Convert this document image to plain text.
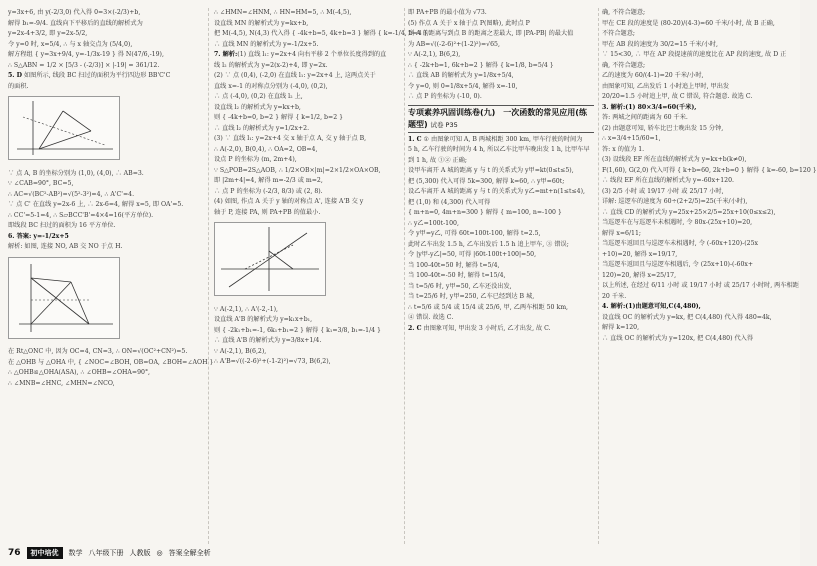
y=3x+6, 由 y(-2/3,0) 代入得 0=3×(-2/3)+b,
解得 b₁=-9/4. 直线向下平移后的直线的解析式为
y=2x-4+3/2, 即 y=2x-5/2,
令 y=0 时, x=5/4, ∴ 与 x 轴交点为 (5/4,0),
解方程组 { y=3x+9/4, y=-1/3x-19 } 得 N(47/6,-19),
∴ S△ABN = 1/2 × [5/3 - (-2/3)] × |-19| = 361/12.
5. D 如图所示, 线段 BC 扫过的面积为平行四边形 BB'C'C
的面积.
∵ 点 A, B 的坐标分别为 (1,0), (4,0), ∴ AB=3.
∵ ∠CAB=90°, BC=5,
∴ AC=√(BC²-AB²)=√(5²-3²)=4, ∴ A'C'=4.
∵ 点 C' 在直线 y=2x-6 上, ∴ 2x-6=4, 解得 x=5, 即 OA'=5.
∴ CC'=5-1=4, ∴ S▱BCC'B'=4×4=16(平方单位).
即线段 BC 扫过的面积为 16 平方单位.
6. 答案: y=-1/2x+5
解析: 如图, 连接 NO, AB 交 NO 于点 H.
在 Rt△ONC 中, 因为 OC=4, CN=3, ∴ ON=√(OC²+CN²)=5.
在 △OHB 与 △OHA 中, { ∠NOC=∠BOH, OB=OA, ∠BOH=∠AOH }
∴ △OHB≌△OHA(ASA), ∴ ∠OHB=∠OHA=90°,
∴ ∠MNB=∠HNC, ∠MHN=∠NCO,
∴ ∠HMN=∠HNM, ∴ HN=HM=5, ∴ M(-4,5),
设直线 MN 的解析式为 y=kx+b,
把 M(-4,5), N(4,3) 代入得 { -4k+b=5, 4k+b=3 } 解得 { k=-1/4, b=4 }
∴ 直线 MN 的解析式为 y=-1/2x+5.
7. 解析:(1) 直线 l₁: y=2x+4 向右平移 2 个单位长度得到的直
线 l₂ 的解析式为 y=2(x-2)+4, 即 y=2x.
(2) ∵ 点 (0,4), (-2,0) 在直线 l₁: y=2x+4 上, 这两点关于
直线 x=-1 的对称点分别为 (-4,0), (0,2),
∴ 点 (-4,0), (0,2) 在直线 l₂ 上,
设直线 l₂ 的解析式为 y=kx+b,
则 { -4k+b=0, b=2 } 解得 { k=1/2, b=2 }
∴ 直线 l₂ 的解析式为 y=1/2x+2.
(3) ∵ 直线 l₁: y=2x+4 交 x 轴于点 A, 交 y 轴于点 B,
∴ A(-2,0), B(0,4), ∴ OA=2, OB=4,
设点 P 的坐标为 (m, 2m+4),
∵ S△POB=2S△AOB, ∴ 1/2×OB×|m|=2×1/2×OA×OB,
即 |2m+4|=4, 解得 m=-2/3 或 m=2,
∴ 点 P 的坐标为 (-2/3, 8/3) 或 (2, 8).
(4) 如图, 作点 A 关于 y 轴的对称点 A', 连接 A'B 交 y
轴于 P, 连接 PA, 则 PA+PB 的值最小.
∵ A(-2,1), ∴ A'(-2,-1),
设直线 A'B 的解析式为 y=k₁x+b₁,
则 { -2k₁+b₁=-1, 6k₁+b₁=2 } 解得 { k₁=3/8, b₁=-1/4 }
∴ 直线 A'B 的解析式为 y=3/8x+1/4.
∵ A(-2,1), B(6,2),
∴ A'B=√((-2-6)²+(-1-2)²)=√73, B(6,2),
即 PA+PB 的最小值为 √73.
(5) 作点 A 关于 x 轴于点 P(图略), 此时点 P
到 A 的距离与到点 B 的距离之差最大, 即 |PA-PB| 的最大值
为 AB=√((-2-6)²+(1-2)²)=√65,
∵ A(-2,1), B(6,2),
∴ { -2k+b=1, 6k+b=2 } 解得 { k=1/8, b=5/4 }
∴ 直线 AB 的解析式为 y=1/8x+5/4,
令 y=0, 则 0=1/8x+5/4, 解得 x=-10,
∴ 点 P 的坐标为 (-10, 0).
专项素养巩固训练卷(九)　一次函数的常见应用(练题型) 试卷 P35
1. C ① 由图象可知 A, B 两城相距 300 km, 甲车行驶的时间为
5 h, 乙车行驶的时间为 4 h, 所以乙车比甲车晚出发 1 h, 比甲车早
到 1 h, 故 ①② 正确;
设甲车离开 A 城的距离 y 与 t 的关系式为 y甲=kt(0≤t≤5),
把 (5,300) 代入可得 5k=300, 解得 k=60, ∴ y甲=60t;
设乙车离开 A 城的距离 y 与 t 的关系式为 y乙=mt+n(1≤t≤4),
把 (1,0) 和 (4,300) 代入可得
{ m+n=0, 4m+n=300 } 解得 { m=100, n=-100 }
∴ y乙=100t-100,
令 y甲=y乙, 可得 60t=100t-100, 解得 t=2.5,
此时乙车出发 1.5 h, 乙车出发后 1.5 h 追上甲车, ③ 错误;
令 |y甲-y乙|=50, 可得 |60t-100t+100|=50,
当 100-40t=50 时, 解得 t=5/4,
当 100-40t=-50 时, 解得 t=15/4,
当 t=5/6 时, y甲=50, 乙车还没出发,
当 t=25/6 时, y甲=250, 乙车已经到达 B 城,
∴ t=5/6 或 5/4 或 15/4 或 25/6, 甲, 乙两车相距 50 km,
④ 错误. 故选 C.
2. C 由图象可知, 甲出发 3 小时后, 乙才出发, 故 C.
确, 不符合题意;
甲在 CE 段的速度是 (80-20)/(4-3)=60 千米/小时, 故 B 正确,
不符合题意;
甲在 AB 段的速度为 30/2=15 千米/小时,
∵ 15<30, ∴ 甲在 AP 段提速前的速度比在 AP 段的速度, 故 D 正
确, 不符合题意;
乙的速度为 60/(4-1)=20 千米/小时,
由图象可知, 乙出发后 1 小时追上甲时, 甲出发
20/20=1.5 小时追上甲, 故 C 错误, 符合题意. 故选 C.
3. 解析:(1) 80×3/4=60(千米),
答: 两城之间的距离为 60 千米.
(2) 由题意可知, 轿车比巴士晚出发 15 分钟,
∴ x=3/4+15/60=1,
答: x 的值为 1.
(3) 设线段 EF 所在直线的解析式为 y=kx+b(k≠0),
F(1,60), G(2,0) 代入可得 { k+b=60, 2k+b=0 } 解得 { k=-60, b=120 }
∴ 线段 EF 所在直线的解析式为 y=-60x+120.
(3) 2/5 小时 或 19/17 小时 或 25/17 小时,
详解: 巡逻车的速度为 60÷(2+2/5)=25(千米/小时),
∴ 直线 CD 的解析式为 y=25x+25×2/5=25x+10(0≤x≤2),
当巡逻车在与巡逻车未相遇时, 令 80x-(25x+10)=20,
解得 x=6/11;
当巡逻车返回且与巡逻车未相遇时, 令 (-60x+120)-(25x
+10)=20, 解得 x=19/17,
当巡逻车返回且与巡逻车相遇后, 令 (25x+10)-(-60x+
120)=20, 解得 x=25/17,
以上所述, 在经过 6/11 小时 或 19/17 小时 或 25/17 小时时, 两车相距
20 千米.
4. 解析:(1)由题意可知,C(4,480),
设直线 OC 的解析式为 y=kx, 把 C(4,480) 代入得 480=4k,
解得 k=120,
∴ 直线 OC 的解析式为 y=120x, 把 C(4,480) 代入得
76	初中培优	数学 八年级下册 人教版 ◎ 答案全解全析
